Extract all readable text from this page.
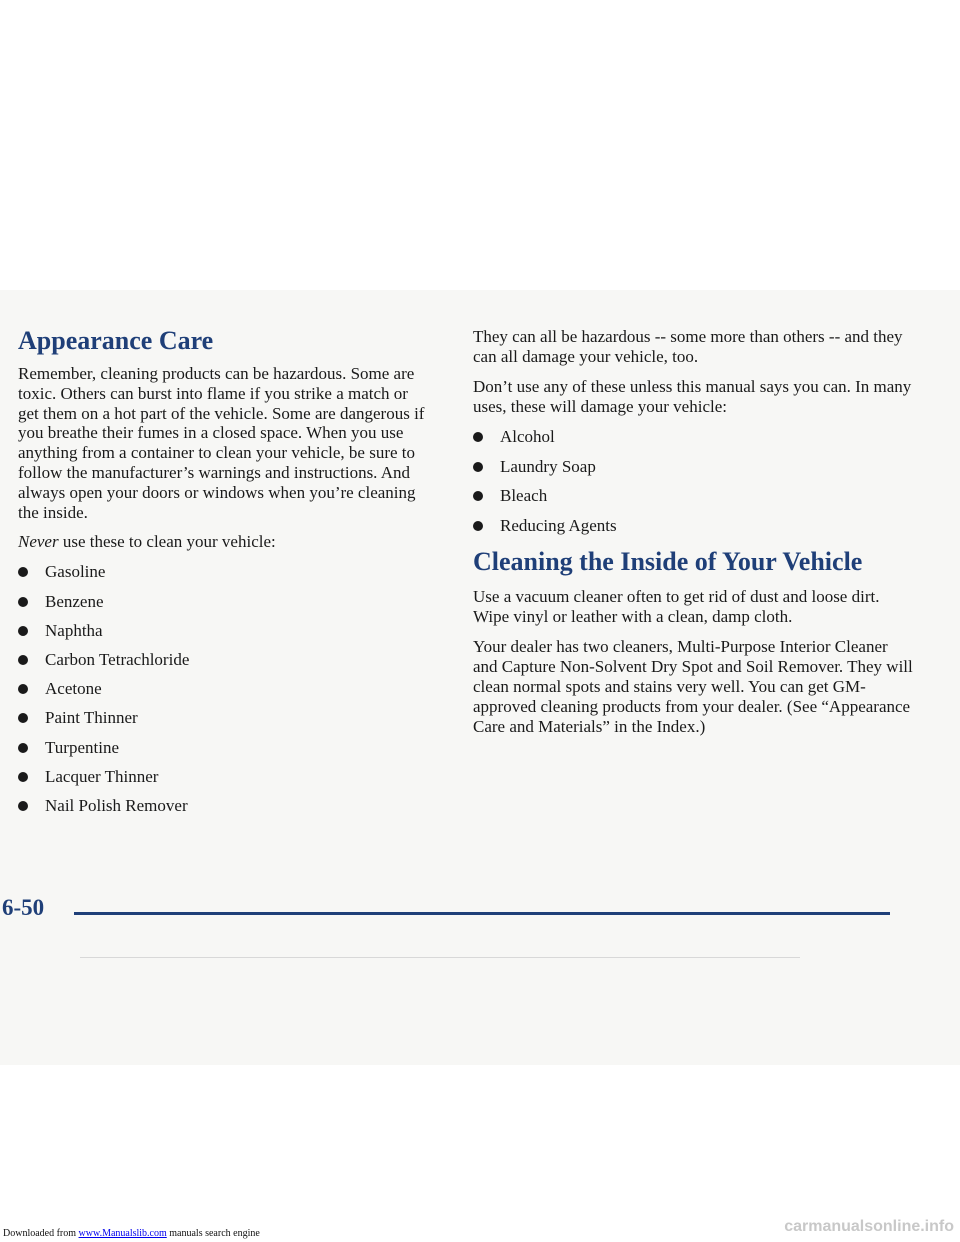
Appearance Care

Remember, cleaning products can be hazardous. Some are toxic. Others can burst into flame if you strike a match or get them on a hot part of the vehicle. Some are dangerous if you breathe their fumes in a closed space. When you use anything from a container to clean your vehicle, be sure to follow the manufacturer’s warnings and instructions. And always open your doors or windows when you’re cleaning the inside.

Never use these to clean your vehicle:

Gasoline
Benzene
Naphtha
Carbon Tetrachloride
Acetone
Paint Thinner
Turpentine
Lacquer Thinner
Nail Polish Remover

They can all be hazardous -- some more than others -- and they can all damage your vehicle, too.

Don’t use any of these unless this manual says you can. In many uses, these will damage your vehicle:

Alcohol
Laundry Soap
Bleach
Reducing Agents
Cleaning the Inside of Your Vehicle

Use a vacuum cleaner often to get rid of dust and loose dirt. Wipe vinyl or leather with a clean, damp cloth.

Your dealer has two cleaners, Multi-Purpose Interior Cleaner and Capture Non-Solvent Dry Spot and Soil Remover. They will clean normal spots and stains very well. You can get GM-approved cleaning products from your dealer. (See “Appearance Care and Materials” in the Index.)

6-50
Downloaded from www.Manualslib.com manuals search engine	carmanualsonline.info
